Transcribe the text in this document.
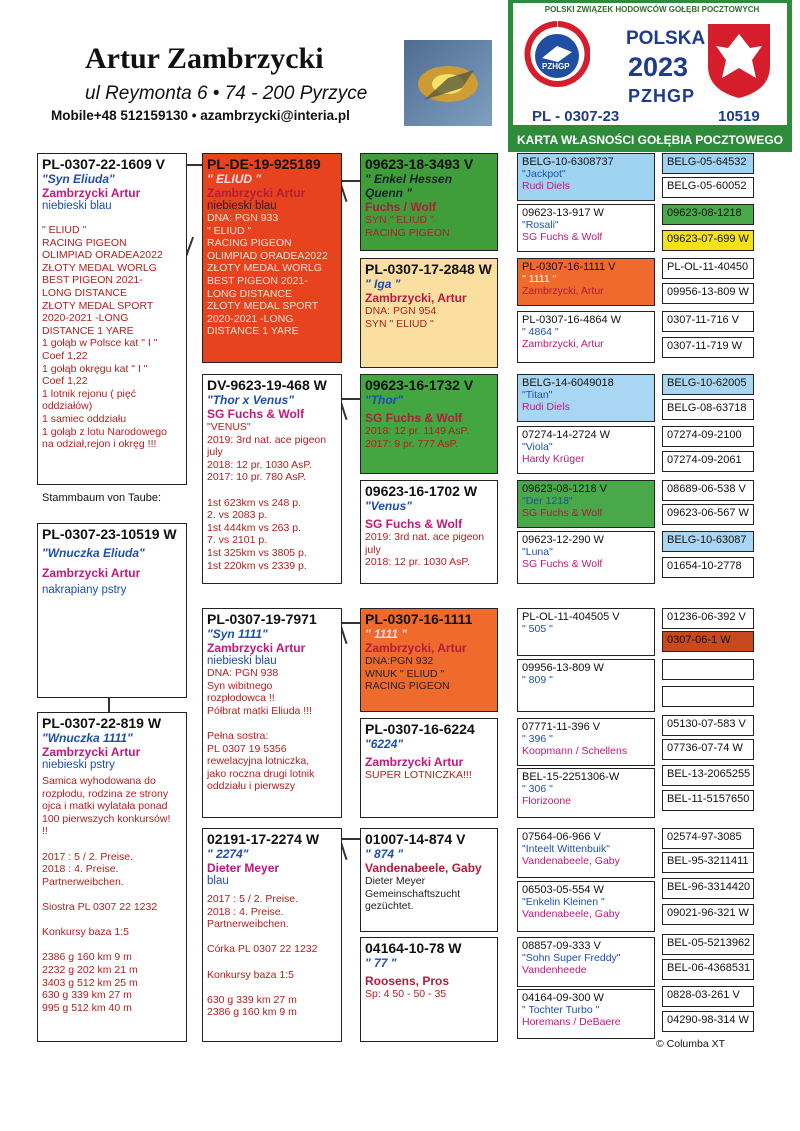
Artur Zambrzycki
ul Reymonta 6 • 74 - 200 Pyrzyce
Mobile+48 512159130 • azambrzycki@interia.pl
POLSKI ZWIĄZEK HODOWCÓW GOŁĘBI POCZTOWYCH
PZHGP
POLSKA
2023
PZHGP
PL - 0307-23	10519
KARTA WŁASNOŚCI GOŁĘBIA POCZTOWEGO
PL-0307-22-1609 V
"Syn Eliuda"
Zambrzycki Artur
niebieski blau
" ELIUD "
RACING PIGEON
OLIMPIAD ORADEA2022
ZŁOTY MEDAL WORLG
BEST PIGEON 2021-
LONG DISTANCE
ZŁOTY MEDAL SPORT
2020-2021 -LONG
DISTANCE 1 YARE
1 gołąb w Polsce kat " I "
Coef 1,22
1 gołąb okręgu kat " I "
Coef 1,22
1 lotnik rejonu ( pięć
oddziałów)
1 samiec oddziału
1 gołąb z lotu Narodowego
na odział,rejon i okręg !!!
Stammbaum von Taube:
PL-0307-23-10519 W
"Wnuczka Eliuda"
Zambrzycki Artur
nakrapiany pstry
PL-0307-22-819 W
"Wnuczka 1111"
Zambrzycki Artur
niebieski pstry
Samica wyhodowana do
rozpłodu, rodzina ze strony
ojca i matki wylatała ponad
100 pierwszych konkursów!
!!

2017 : 5 / 2. Preise.
2018 : 4. Preise.
Partnerweibchen.

Siostra PL 0307 22 1232

Konkursy baza 1:5

2386 g 160 km 9 m
2232 g 202 km 21 m
3403 g 512 km 25 m
630 g 339 km 27 m
995 g 512 km 40 m
PL-DE-19-925189
" ELIUD "
Zambrzycki Artur
niebieski blau
DNA: PGN 933
" ELIUD "
RACING PIGEON
OLIMPIAD ORADEA2022
ZŁOTY MEDAL WORLG
BEST PIGEON 2021-
LONG DISTANCE
ZŁOTY MEDAL SPORT
2020-2021 -LONG
DISTANCE 1 YARE
DV-9623-19-468 W
"Thor x Venus"
SG Fuchs & Wolf
"VENUS"
2019: 3rd nat. ace pigeon
july
2018: 12 pr. 1030 AsP.
2017: 10 pr. 780 AsP.

1st 623km vs 248 p.
2. vs 2083 p.
1st 444km vs 263 p.
7. vs 2101 p.
1st 325km vs 3805 p.
1st 220km vs 2339 p.
PL-0307-19-7971
"Syn 1111"
Zambrzycki Artur
niebieski blau
DNA: PGN 938
Syn wibitnego
rozpłodowca !!
Półbrat matki Eliuda !!!

Pełna sostra:
PL 0307 19 5356
rewelacyjna lotniczka,
jako roczna drugi lotnik
oddziału i pierwszy
02191-17-2274 W
" 2274"
Dieter Meyer
blau
2017 : 5 / 2. Preise.
2018 : 4. Preise.
Partnerweibchen.

Córka PL 0307 22 1232

Konkursy baza 1:5

630 g 339 km 27 m
2386 g 160 km 9 m
09623-18-3493 V
" Enkel Hessen Quenn "
Fuchs / Wolf
SYN " ELIUD "
RACING PIGEON
PL-0307-17-2848 W
" Iga "
Zambrzycki, Artur
DNA: PGN 954
SYN " ELIUD "
09623-16-1732 V
"Thor"
SG Fuchs & Wolf
2018: 12 pr. 1149 AsP.
2017: 9 pr. 777 AsP.
09623-16-1702 W
"Venus"
SG Fuchs & Wolf
2019: 3rd nat. ace pigeon
july
2018: 12 pr. 1030 AsP.
PL-0307-16-1111
" 1111 "
Zambrzycki, Artur
DNA:PGN 932
WNUK " ELIUD "
RACING PIGEON
PL-0307-16-6224
"6224"
Zambrzycki Artur
SUPER LOTNICZKA!!!
01007-14-874 V
" 874 "
Vandenabeele, Gaby
Dieter Meyer
Gemeinschaftszucht
gezüchtet.
04164-10-78 W
" 77 "
Roosens, Pros
Sp: 4 50 - 50 - 35
BELG-10-6308737
"Jackpot"
Rudi Diels
09623-13-917 W
"Rosali"
SG Fuchs & Wolf
PL-0307-16-1111 V
" 1111 "
Zambrzycki, Artur
PL-0307-16-4864 W
" 4864 "
Zambrzycki, Artur
BELG-14-6049018
"Titan"
Rudi Diels
07274-14-2724 W
"Viola"
Hardy Krüger
09623-08-1218 V
"Der 1218"
SG Fuchs & Wolf
09623-12-290 W
"Luna"
SG Fuchs & Wolf
PL-OL-11-404505 V
" 505 "
09956-13-809 W
" 809 "
07771-11-396 V
" 396 "
Koopmann / Schellens
BEL-15-2251306-W
" 306 "
Florizoone
07564-06-966 V
"Inteelt Wittenbuik"
Vandenabeele, Gaby
06503-05-554 W
"Enkelin Kleinen "
Vandenabeele, Gaby
08857-09-333 V
"Sohn Super Freddy"
Vandenheede
04164-09-300 W
" Tochter Turbo "
Horemans / DeBaere
BELG-05-64532
BELG-05-60052
09623-08-1218
09623-07-699 W
PL-OL-11-40450
09956-13-809 W
0307-11-716 V
0307-11-719 W
BELG-10-62005
BELG-08-63718
07274-09-2100
07274-09-2061
08689-06-538 V
09623-06-567 W
BELG-10-63087
01654-10-2778
01236-06-392 V
0307-06-1 W
05130-07-583 V
07736-07-74 W
BEL-13-2065255
BEL-11-5157650
02574-97-3085
BEL-95-3211411
BEL-96-3314420
09021-96-321 W
BEL-05-5213962
BEL-06-4368531
0828-03-261 V
04290-98-314 W
© Columba XT
